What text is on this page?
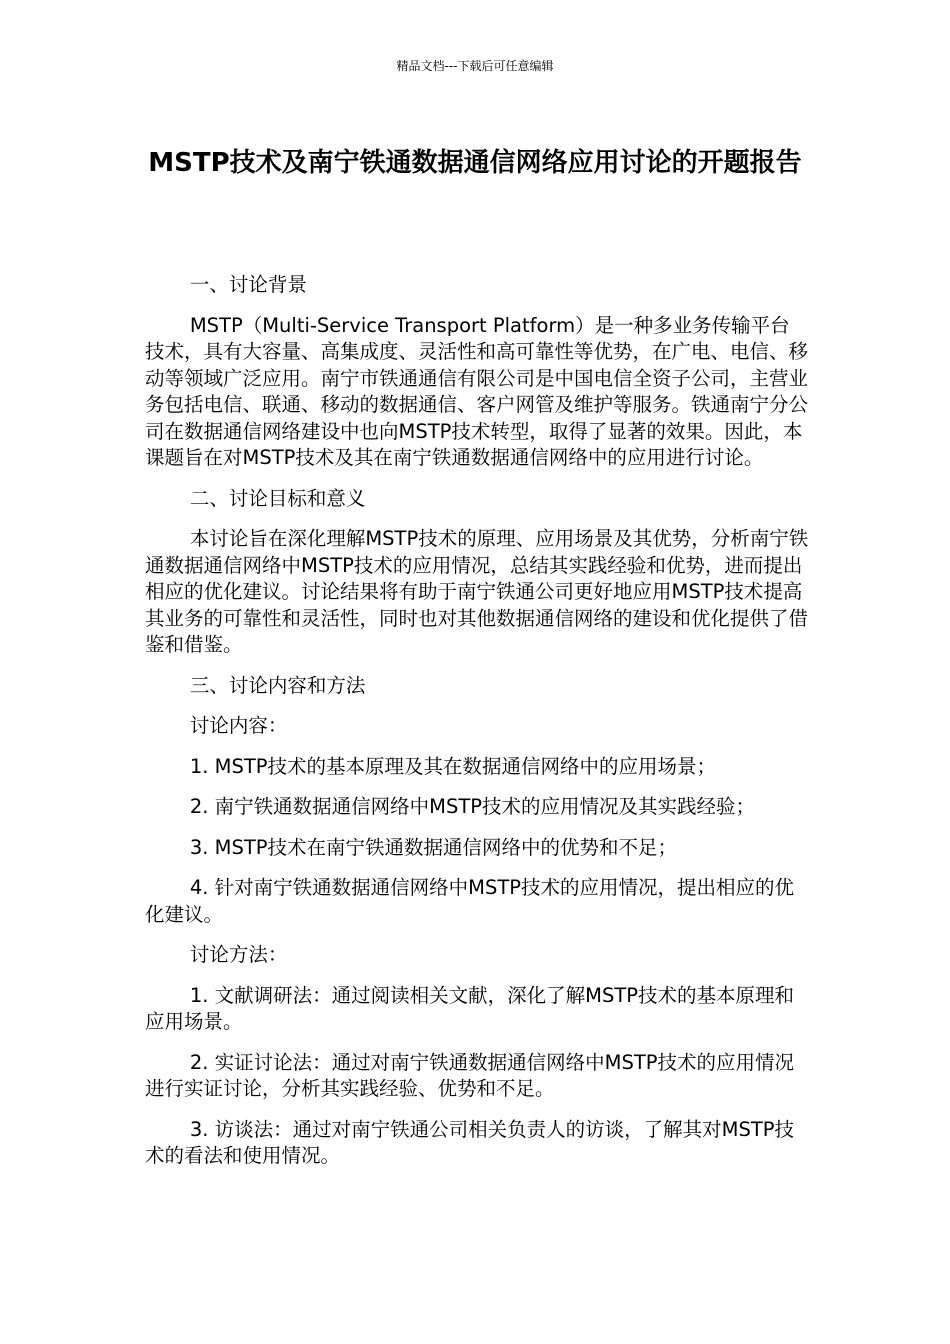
精品文档---下载后可任意编辑
MSTP技术及南宁铁通数据通信网络应用讨论的开题报告

一、讨论背景

MSTP（Multi-Service Transport Platform）是一种多业务传输平台技术，具有大容量、高集成度、灵活性和高可靠性等优势，在广电、电信、移动等领域广泛应用。南宁市铁通通信有限公司是中国电信全资子公司，主营业务包括电信、联通、移动的数据通信、客户网管及维护等服务。铁通南宁分公司在数据通信网络建设中也向MSTP技术转型，取得了显著的效果。因此，本课题旨在对MSTP技术及其在南宁铁通数据通信网络中的应用进行讨论。

二、讨论目标和意义

本讨论旨在深化理解MSTP技术的原理、应用场景及其优势，分析南宁铁通数据通信网络中MSTP技术的应用情况，总结其实践经验和优势，进而提出相应的优化建议。讨论结果将有助于南宁铁通公司更好地应用MSTP技术提高其业务的可靠性和灵活性，同时也对其他数据通信网络的建设和优化提供了借鉴和借鉴。

三、讨论内容和方法

讨论内容：

1. MSTP技术的基本原理及其在数据通信网络中的应用场景；

2. 南宁铁通数据通信网络中MSTP技术的应用情况及其实践经验；

3. MSTP技术在南宁铁通数据通信网络中的优势和不足；

4. 针对南宁铁通数据通信网络中MSTP技术的应用情况，提出相应的优化建议。

讨论方法：

1. 文献调研法：通过阅读相关文献，深化了解MSTP技术的基本原理和应用场景。

2. 实证讨论法：通过对南宁铁通数据通信网络中MSTP技术的应用情况进行实证讨论，分析其实践经验、优势和不足。

3. 访谈法：通过对南宁铁通公司相关负责人的访谈，了解其对MSTP技术的看法和使用情况。
